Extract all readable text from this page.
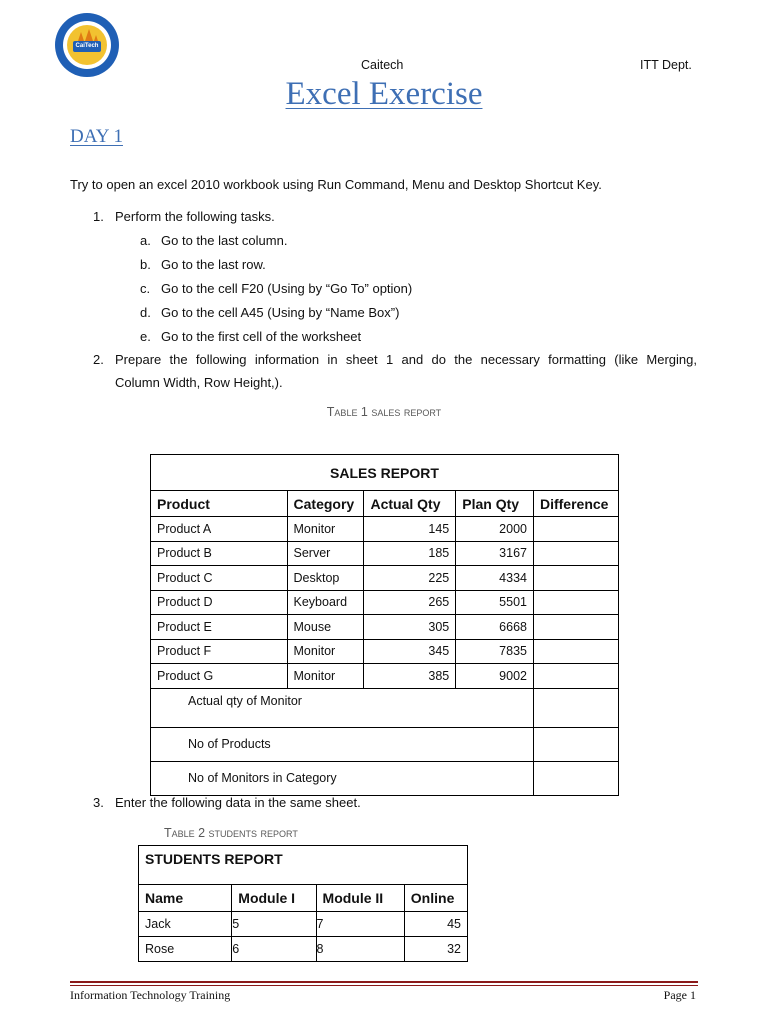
CaiTech
Caitech	ITT Dept.
Excel Exercise
DAY 1
Try to open an excel 2010 workbook using Run Command, Menu and Desktop Shortcut Key.
1. Perform the following tasks.
a. Go to the last column.
b. Go to the last row.
c. Go to the cell F20 (Using by “Go To” option)
d. Go to the cell A45 (Using by “Name Box”)
e. Go to the first cell of the worksheet
2. Prepare the following information in sheet 1 and do the necessary formatting (like Merging,
Column Width, Row Height,).
Table 1 sales report
SALES REPORT				
Product	Category	Actual Qty	Plan Qty	Difference
Product A	Monitor	145	2000	
Product B	Server	185	3167	
Product C	Desktop	225	4334	
Product D	Keyboard	265	5501	
Product E	Mouse	305	6668	
Product F	Monitor	345	7835	
Product G	Monitor	385	9002	
Actual qty of Monitor				
No of Products				
No of Monitors in Category				
3. Enter the following data in the same sheet.
Table 2 students report
STUDENTS REPORT			
Name	Module I	Module II	Online
Jack	5	7	45
Rose	6	8	32
Information Technology Training	Page 1
